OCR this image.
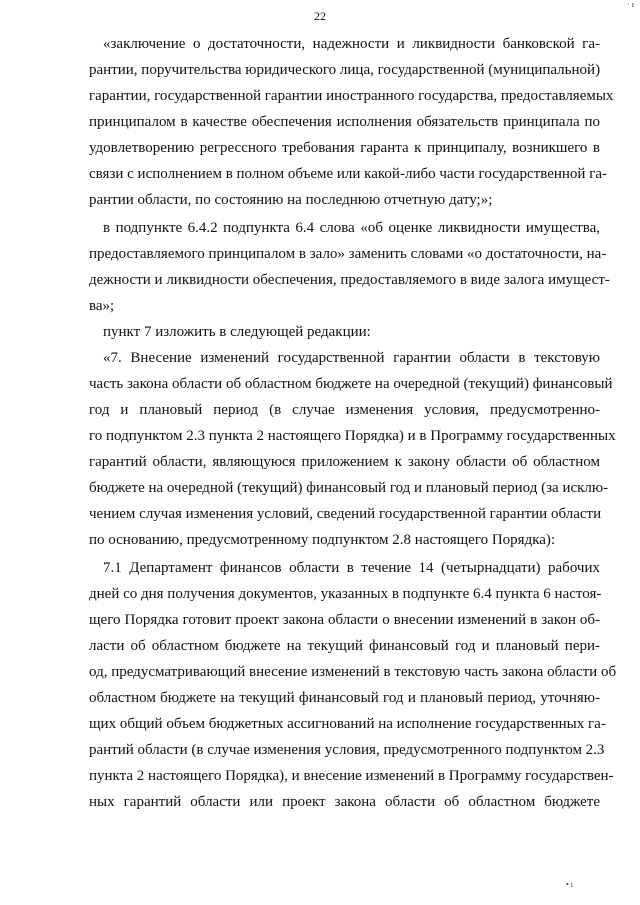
22
«заключение о достаточности, надежности и ликвидности банковской га-
рантии, поручительства юридического лица, государственной (муниципальной)
гарантии, государственной гарантии иностранного государства, предоставляемых
принципалом в качестве обеспечения исполнения обязательств принципала по
удовлетворению регрессного требования гаранта к принципалу, возникшего в
связи с исполнением в полном объеме или какой-либо части государственной га-
рантии области, по состоянию на последнюю отчетную дату;»;
в подпункте 6.4.2 подпункта 6.4 слова «об оценке ликвидности имущества,
предоставляемого принципалом в зало» заменить словами «о достаточности, на-
дежности и ликвидности обеспечения, предоставляемого в виде залога имущест-
ва»;
пункт 7 изложить в следующей редакции:
«7. Внесение изменений государственной гарантии области в текстовую
часть закона области об областном бюджете на очередной (текущий) финансовый
год и плановый период (в случае изменения условия, предусмотренно-
го подпунктом 2.3 пункта 2 настоящего Порядка) и в Программу государственных
гарантий области, являющуюся приложением к закону области об областном
бюджете на очередной (текущий) финансовый год и плановый период (за исклю-
чением случая изменения условий, сведений государственной гарантии области
по основанию, предусмотренному подпунктом 2.8 настоящего Порядка):
7.1 Департамент финансов области в течение 14 (четырнадцати) рабочих
дней со дня получения документов, указанных в подпункте 6.4 пункта 6 настоя-
щего Порядка готовит проект закона области о внесении изменений в закон об-
ласти об областном бюджете на текущий финансовый год и плановый пери-
од, предусматривающий внесение изменений в текстовую часть закона области об
областном бюджете на текущий финансовый год и плановый период, уточняю-
щих общий объем бюджетных ассигнований на исполнение государственных га-
рантий области (в случае изменения условия, предусмотренного подпунктом 2.3
пункта 2 настоящего Порядка), и внесение изменений в Программу государствен-
ных гарантий области или проект закона области об областном бюджете
· ı
• ı
